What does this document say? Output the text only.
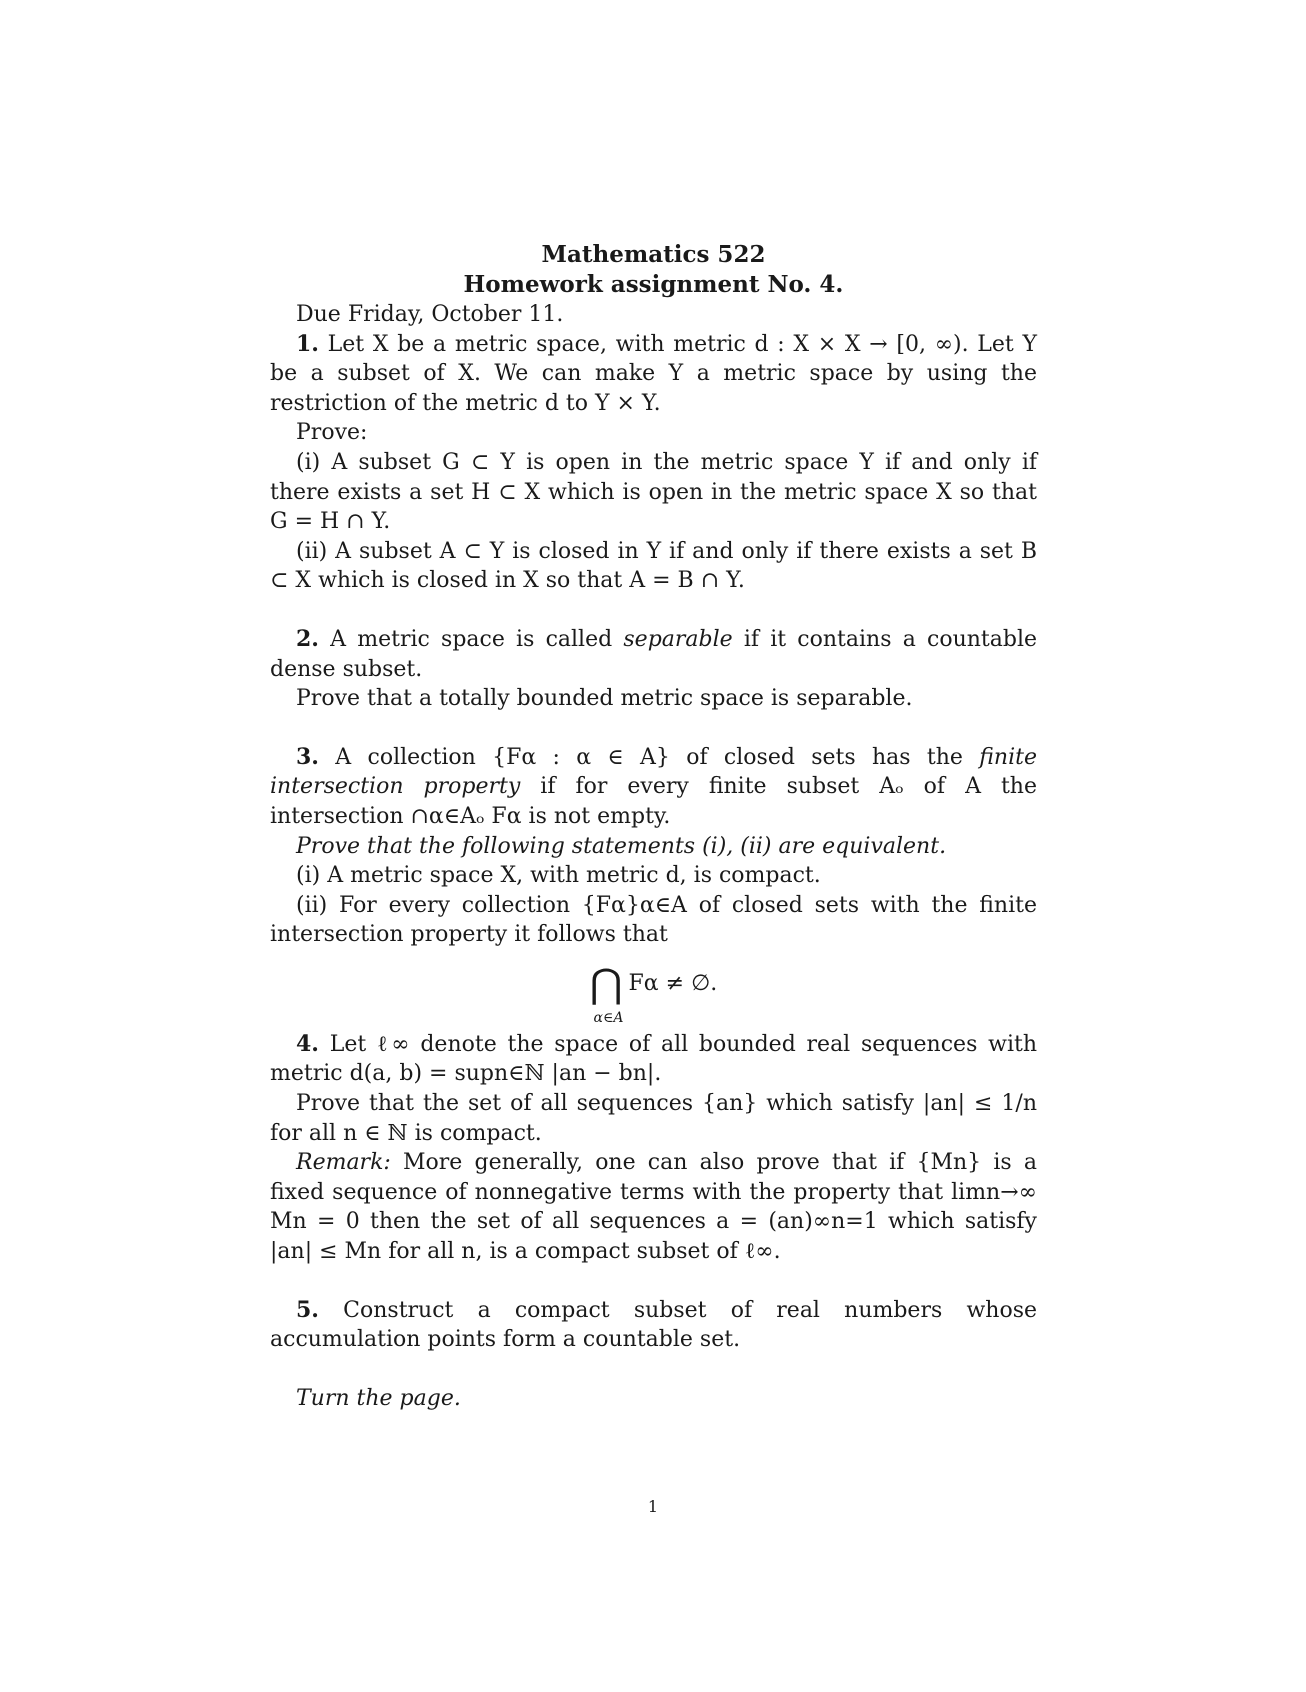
Mathematics 522
Homework assignment No. 4.

Due Friday, October 11.

1. Let X be a metric space, with metric d : X × X → [0, ∞). Let Y be a subset of X. We can make Y a metric space by using the restriction of the metric d to Y × Y.

Prove:

(i) A subset G ⊂ Y is open in the metric space Y if and only if there exists a set H ⊂ X which is open in the metric space X so that G = H ∩ Y.

(ii) A subset A ⊂ Y is closed in Y if and only if there exists a set B ⊂ X which is closed in X so that A = B ∩ Y.

2. A metric space is called separable if it contains a countable dense subset.

Prove that a totally bounded metric space is separable.

3. A collection {Fα : α ∈ A} of closed sets has the finite intersection property if for every finite subset Aₒ of A the intersection ∩α∈Aₒ Fα is not empty.

Prove that the following statements (i), (ii) are equivalent.

(i) A metric space X, with metric d, is compact.

(ii) For every collection {Fα}α∈A of closed sets with the finite intersection property it follows that

⋂ Fα ≠ ∅.
α∈A

4. Let ℓ∞ denote the space of all bounded real sequences with metric d(a, b) = supn∈ℕ |an − bn|.

Prove that the set of all sequences {an} which satisfy |an| ≤ 1/n for all n ∈ ℕ is compact.

Remark: More generally, one can also prove that if {Mn} is a fixed sequence of nonnegative terms with the property that limn→∞ Mn = 0 then the set of all sequences a = (an)∞n=1 which satisfy |an| ≤ Mn for all n, is a compact subset of ℓ∞.

5. Construct a compact subset of real numbers whose accumulation points form a countable set.

Turn the page.

1
